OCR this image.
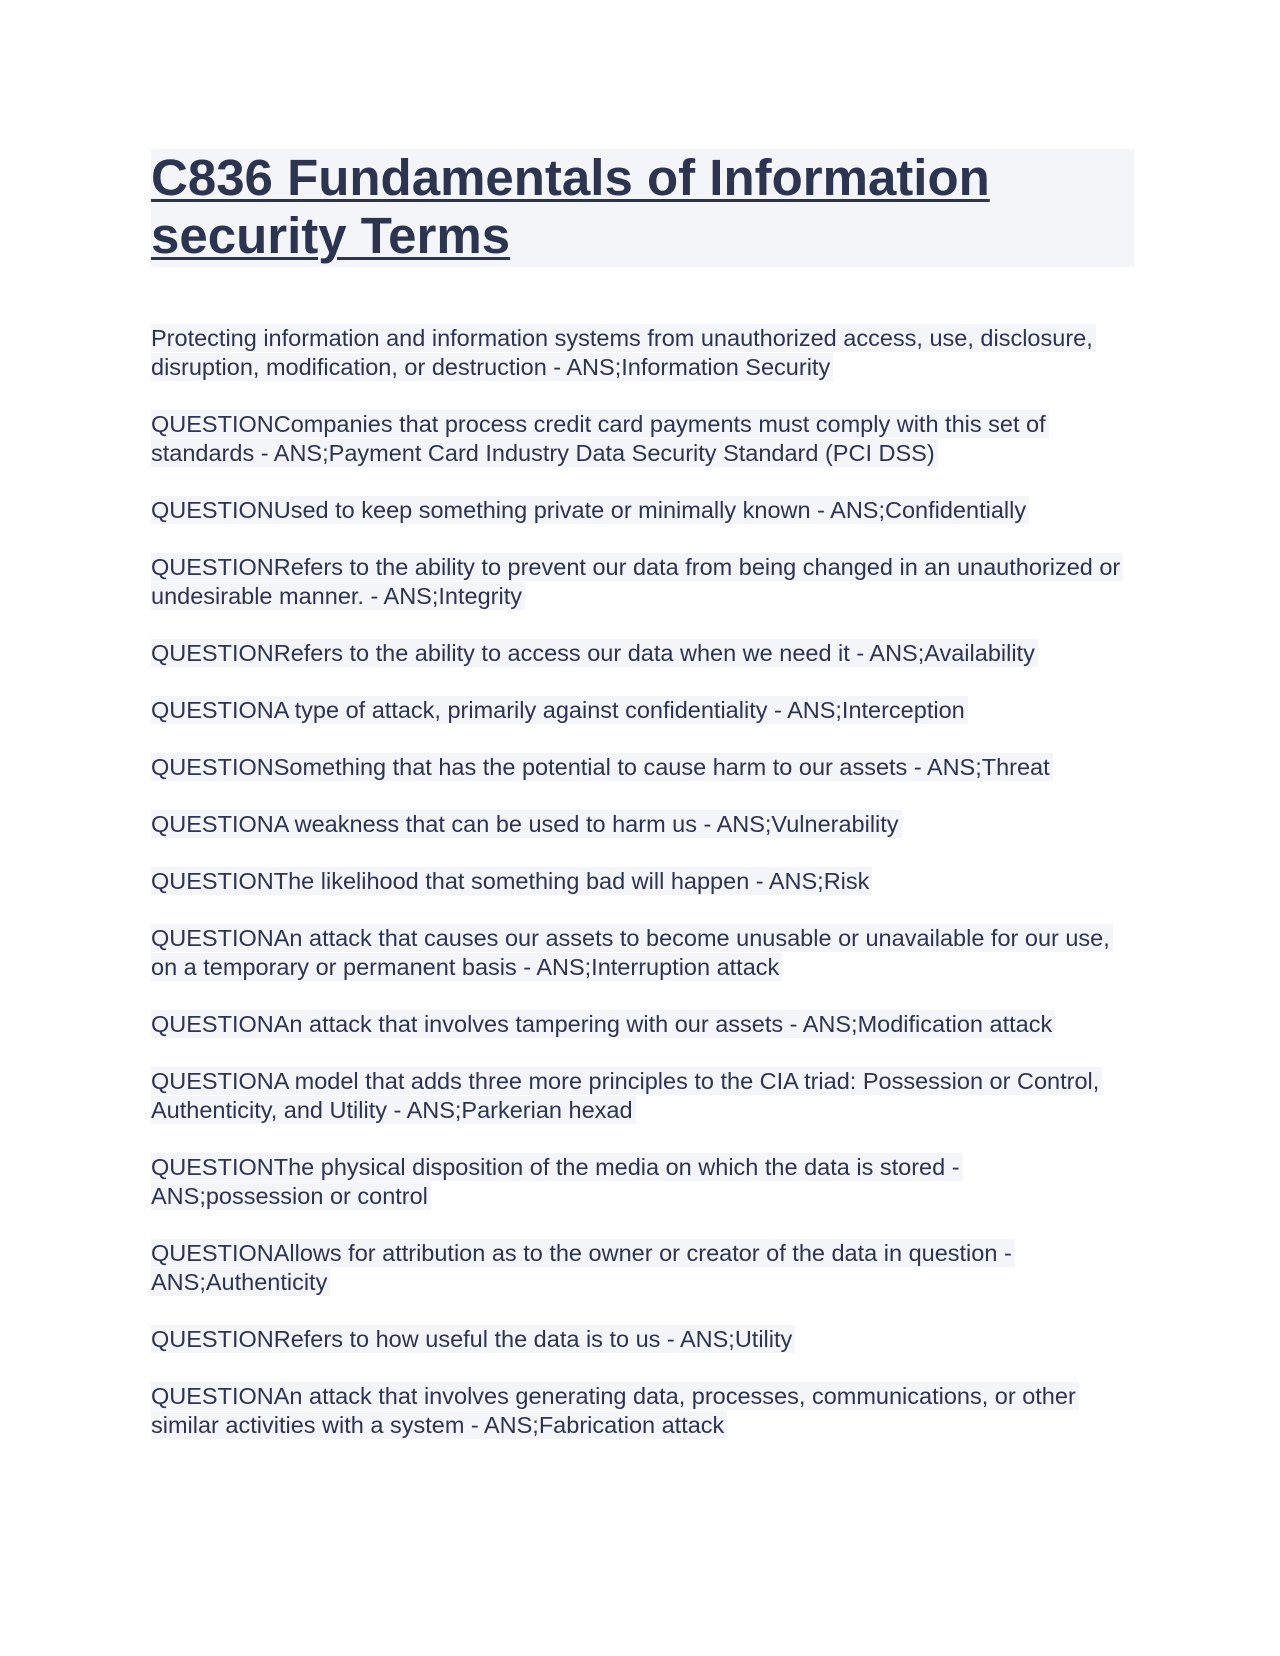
C836 Fundamentals of Information security Terms

Protecting information and information systems from unauthorized access, use, disclosure, disruption, modification, or destruction - ANS;Information Security

QUESTIONCompanies that process credit card payments must comply with this set of standards - ANS;Payment Card Industry Data Security Standard (PCI DSS)

QUESTIONUsed to keep something private or minimally known - ANS;Confidentially

QUESTIONRefers to the ability to prevent our data from being changed in an unauthorized or undesirable manner. - ANS;Integrity

QUESTIONRefers to the ability to access our data when we need it - ANS;Availability

QUESTIONA type of attack, primarily against confidentiality - ANS;Interception

QUESTIONSomething that has the potential to cause harm to our assets - ANS;Threat

QUESTIONA weakness that can be used to harm us - ANS;Vulnerability

QUESTIONThe likelihood that something bad will happen - ANS;Risk

QUESTIONAn attack that causes our assets to become unusable or unavailable for our use, on a temporary or permanent basis - ANS;Interruption attack

QUESTIONAn attack that involves tampering with our assets - ANS;Modification attack

QUESTIONA model that adds three more principles to the CIA triad: Possession or Control, Authenticity, and Utility - ANS;Parkerian hexad

QUESTIONThe physical disposition of the media on which the data is stored - ANS;possession or control

QUESTIONAllows for attribution as to the owner or creator of the data in question - ANS;Authenticity

QUESTIONRefers to how useful the data is to us - ANS;Utility

QUESTIONAn attack that involves generating data, processes, communications, or other similar activities with a system - ANS;Fabrication attack
